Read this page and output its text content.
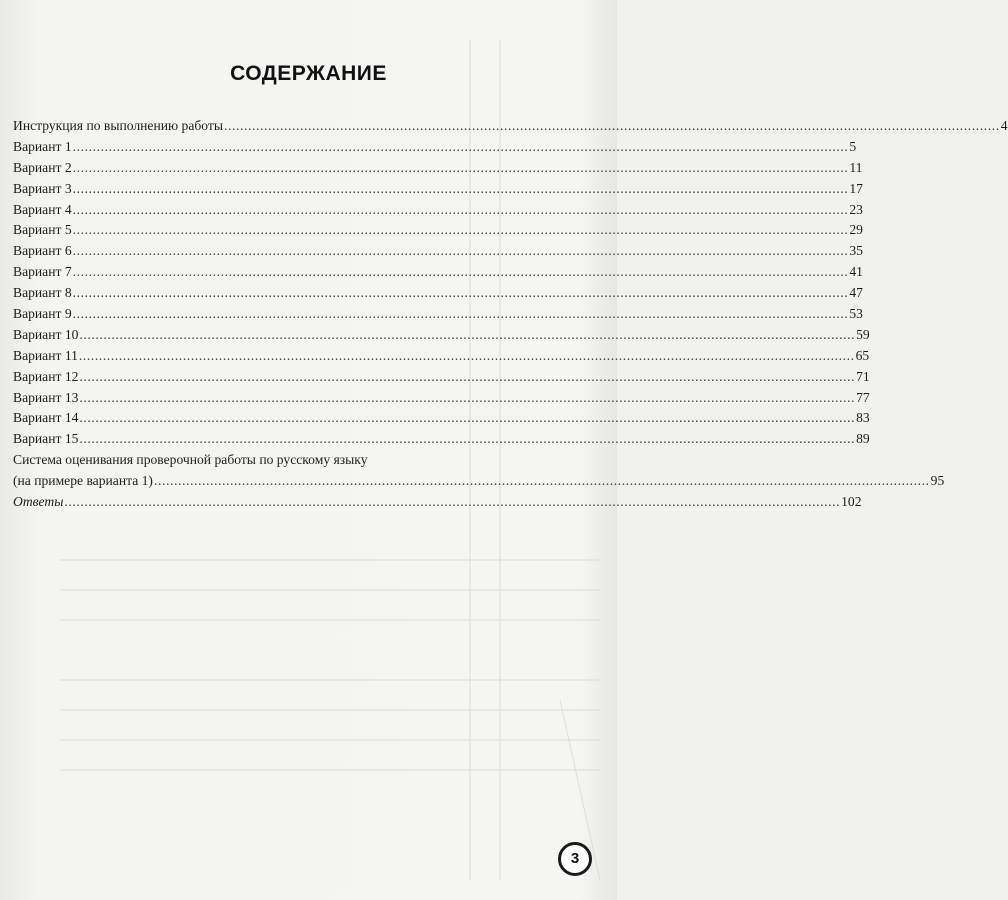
СОДЕРЖАНИЕ
Инструкция по выполнению работы .................................................................................................................................................................................................. 4
Вариант 1 .................................................................................................................................................................................................. 5
Вариант 2 .................................................................................................................................................................................................. 11
Вариант 3 .................................................................................................................................................................................................. 17
Вариант 4 .................................................................................................................................................................................................. 23
Вариант 5 .................................................................................................................................................................................................. 29
Вариант 6 .................................................................................................................................................................................................. 35
Вариант 7 .................................................................................................................................................................................................. 41
Вариант 8 .................................................................................................................................................................................................. 47
Вариант 9 .................................................................................................................................................................................................. 53
Вариант 10 .................................................................................................................................................................................................. 59
Вариант 11 .................................................................................................................................................................................................. 65
Вариант 12 .................................................................................................................................................................................................. 71
Вариант 13 .................................................................................................................................................................................................. 77
Вариант 14 .................................................................................................................................................................................................. 83
Вариант 15 .................................................................................................................................................................................................. 89
Система оценивания проверочной работы по русскому языку
(на примере варианта 1) .................................................................................................................................................................................................. 95
Ответы .................................................................................................................................................................................................. 102
3
